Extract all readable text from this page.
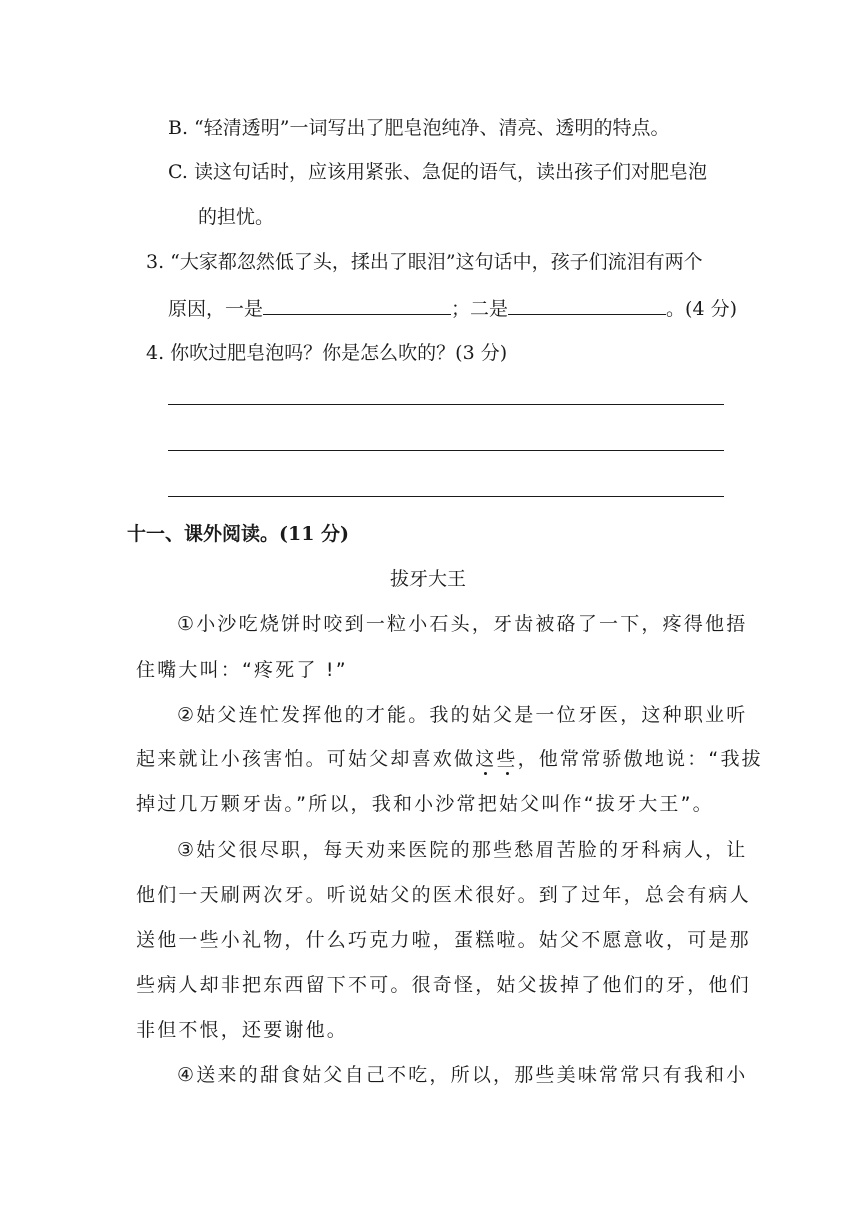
B. “轻清透明”一词写出了肥皂泡纯净、清亮、透明的特点。
C. 读这句话时，应该用紧张、急促的语气，读出孩子们对肥皂泡
的担忧。
3. “大家都忽然低了头，揉出了眼泪”这句话中，孩子们流泪有两个
原因，一是	；二是	。(4 分)
4. 你吹过肥皂泡吗？你是怎么吹的？(3 分)
十一、课外阅读。(11 分)
拔牙大王
①小沙吃烧饼时咬到一粒小石头，牙齿被硌了一下，疼得他捂
住嘴大叫：“疼死了 !”
②姑父连忙发挥他的才能。我的姑父是一位牙医，这种职业听
起来就让小孩害怕。可姑父却喜欢做这些，他常常骄傲地说：“我拔
掉过几万颗牙齿。”所以，我和小沙常把姑父叫作“拔牙大王”。
③姑父很尽职，每天劝来医院的那些愁眉苦脸的牙科病人，让
他们一天刷两次牙。听说姑父的医术很好。到了过年，总会有病人
送他一些小礼物，什么巧克力啦，蛋糕啦。姑父不愿意收，可是那
些病人却非把东西留下不可。很奇怪，姑父拔掉了他们的牙，他们
非但不恨，还要谢他。
④送来的甜食姑父自己不吃，所以，那些美味常常只有我和小
